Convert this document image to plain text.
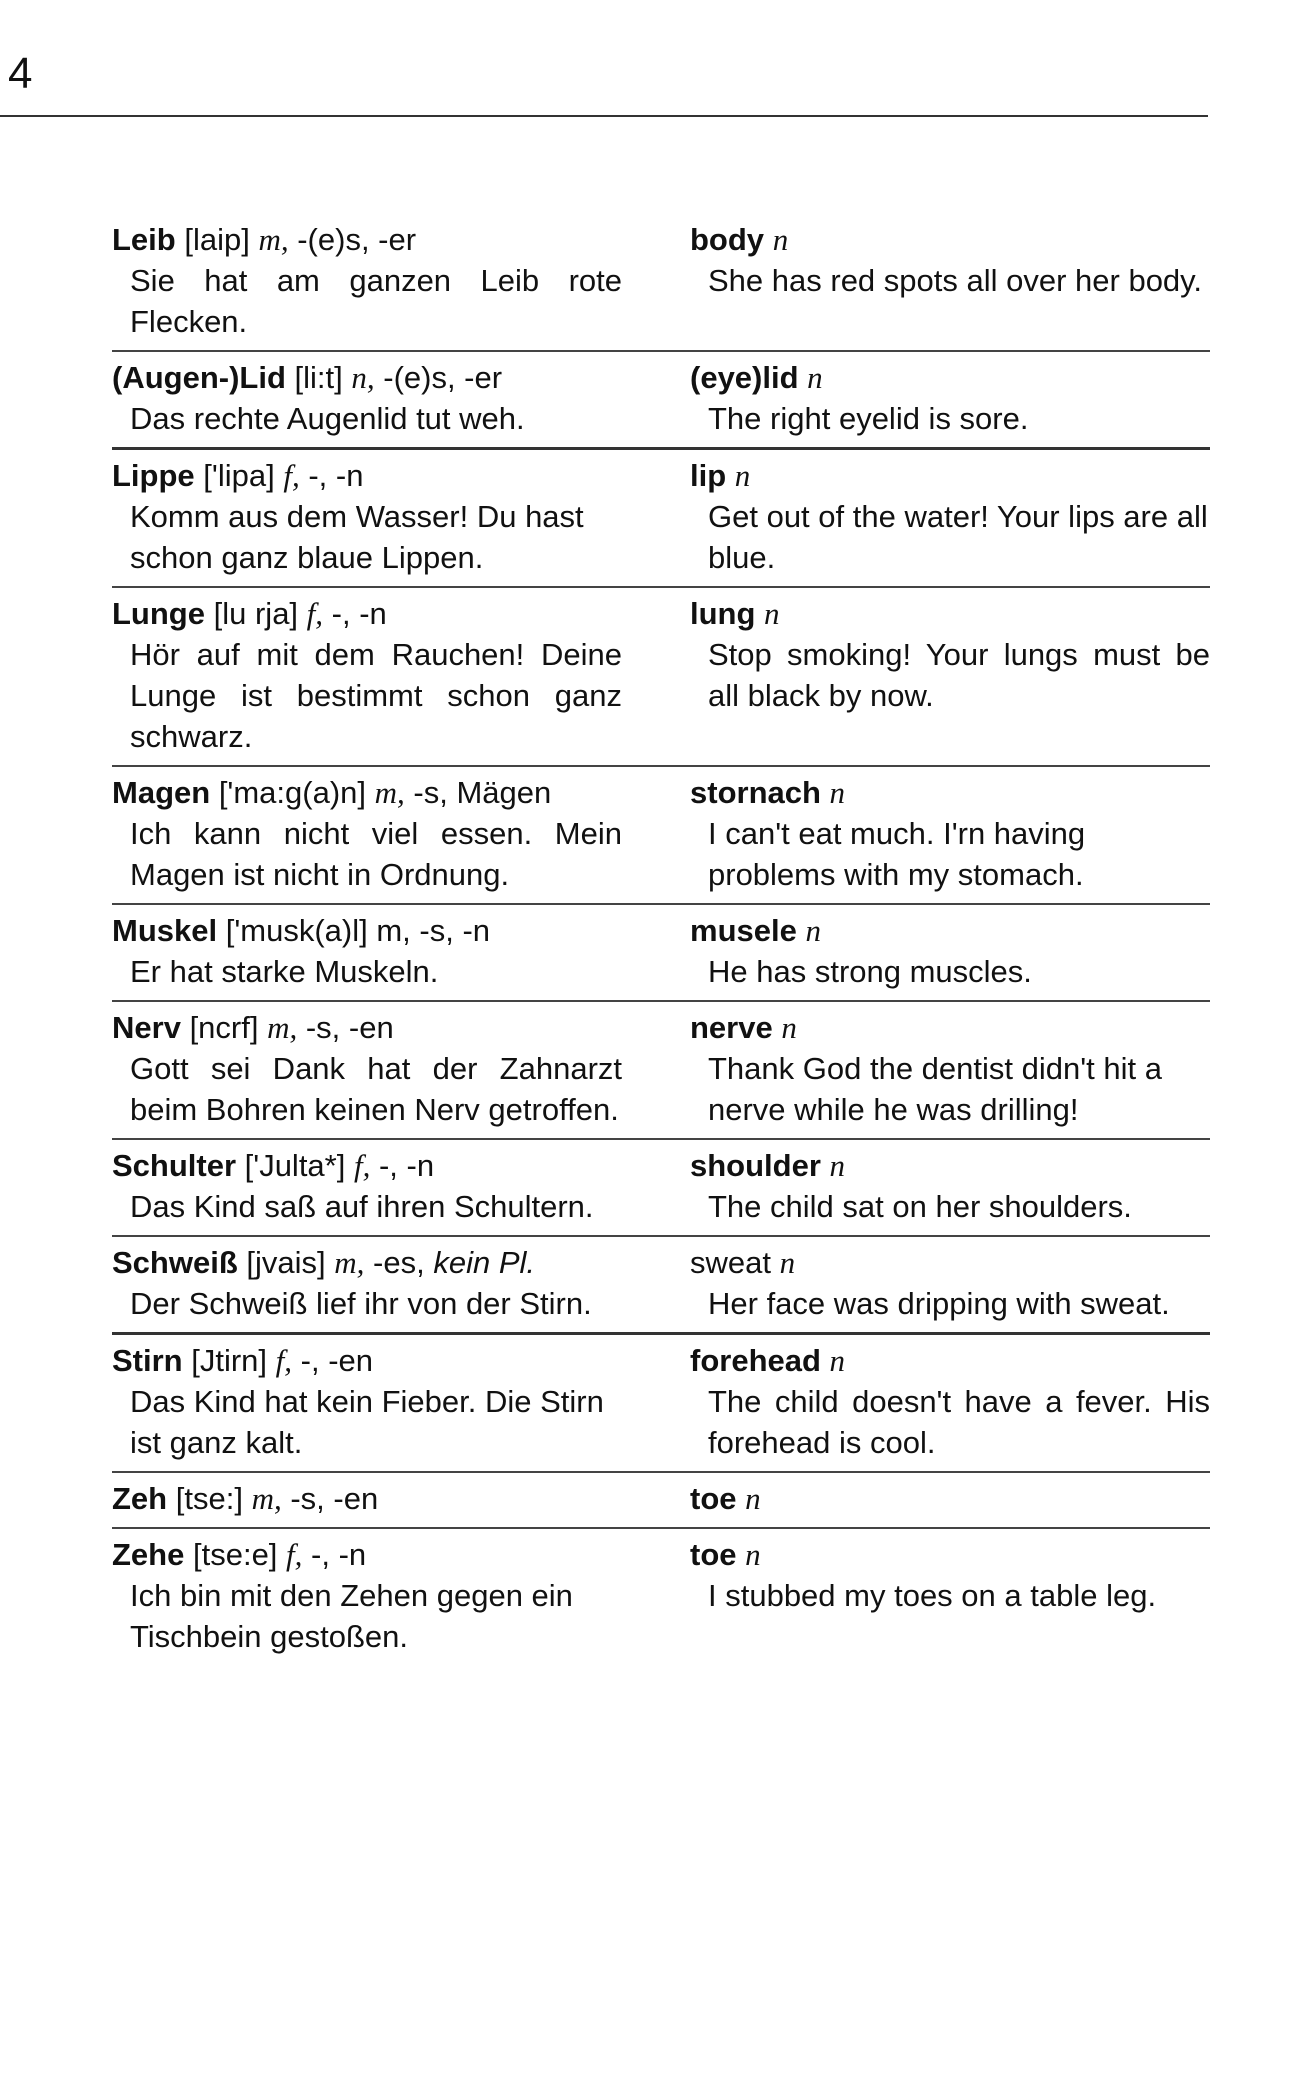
4
Leib [laip] m, -(e)s, -er
Sie hat am ganzen Leib rote Flecken.
body n
She has red spots all over her body.
(Augen-)Lid [li:t] n, -(e)s, -er
Das rechte Augenlid tut weh.
(eye)lid n
The right eyelid is sore.
Lippe ['lipa] f, -, -n
Komm aus dem Wasser! Du hast schon ganz blaue Lippen.
lip n
Get out of the water! Your lips are all blue.
Lunge [lu rja] f, -, -n
Hör auf mit dem Rauchen! Deine Lunge ist bestimmt schon ganz schwarz.
lung n
Stop smoking! Your lungs must be all black by now.
Magen ['ma:g(a)n] m, -s, Mägen
Ich kann nicht viel essen. Mein Magen ist nicht in Ordnung.
stornach n
I can't eat much. I'rn having problems with my stomach.
Muskel ['musk(a)l] m, -s, -n
Er hat starke Muskeln.
musele n
He has strong muscles.
Nerv [ncrf] m, -s, -en
Gott sei Dank hat der Zahnarzt beim Bohren keinen Nerv getroffen.
nerve n
Thank God the dentist didn't hit a nerve while he was drilling!
Schulter ['Julta*] f, -, -n
Das Kind saß auf ihren Schultern.
shoulder n
The child sat on her shoulders.
Schweiß [jvais] m, -es, kein Pl.
Der Schweiß lief ihr von der Stirn.
sweat n
Her face was dripping with sweat.
Stirn [Jtirn] f, -, -en
Das Kind hat kein Fieber. Die Stirn ist ganz kalt.
forehead n
The child doesn't have a fever. His forehead is cool.
Zeh [tse:] m, -s, -en	toe n
Zehe [tse:e] f, -, -n
Ich bin mit den Zehen gegen ein Tischbein gestoßen.
toe n
I stubbed my toes on a table leg.
